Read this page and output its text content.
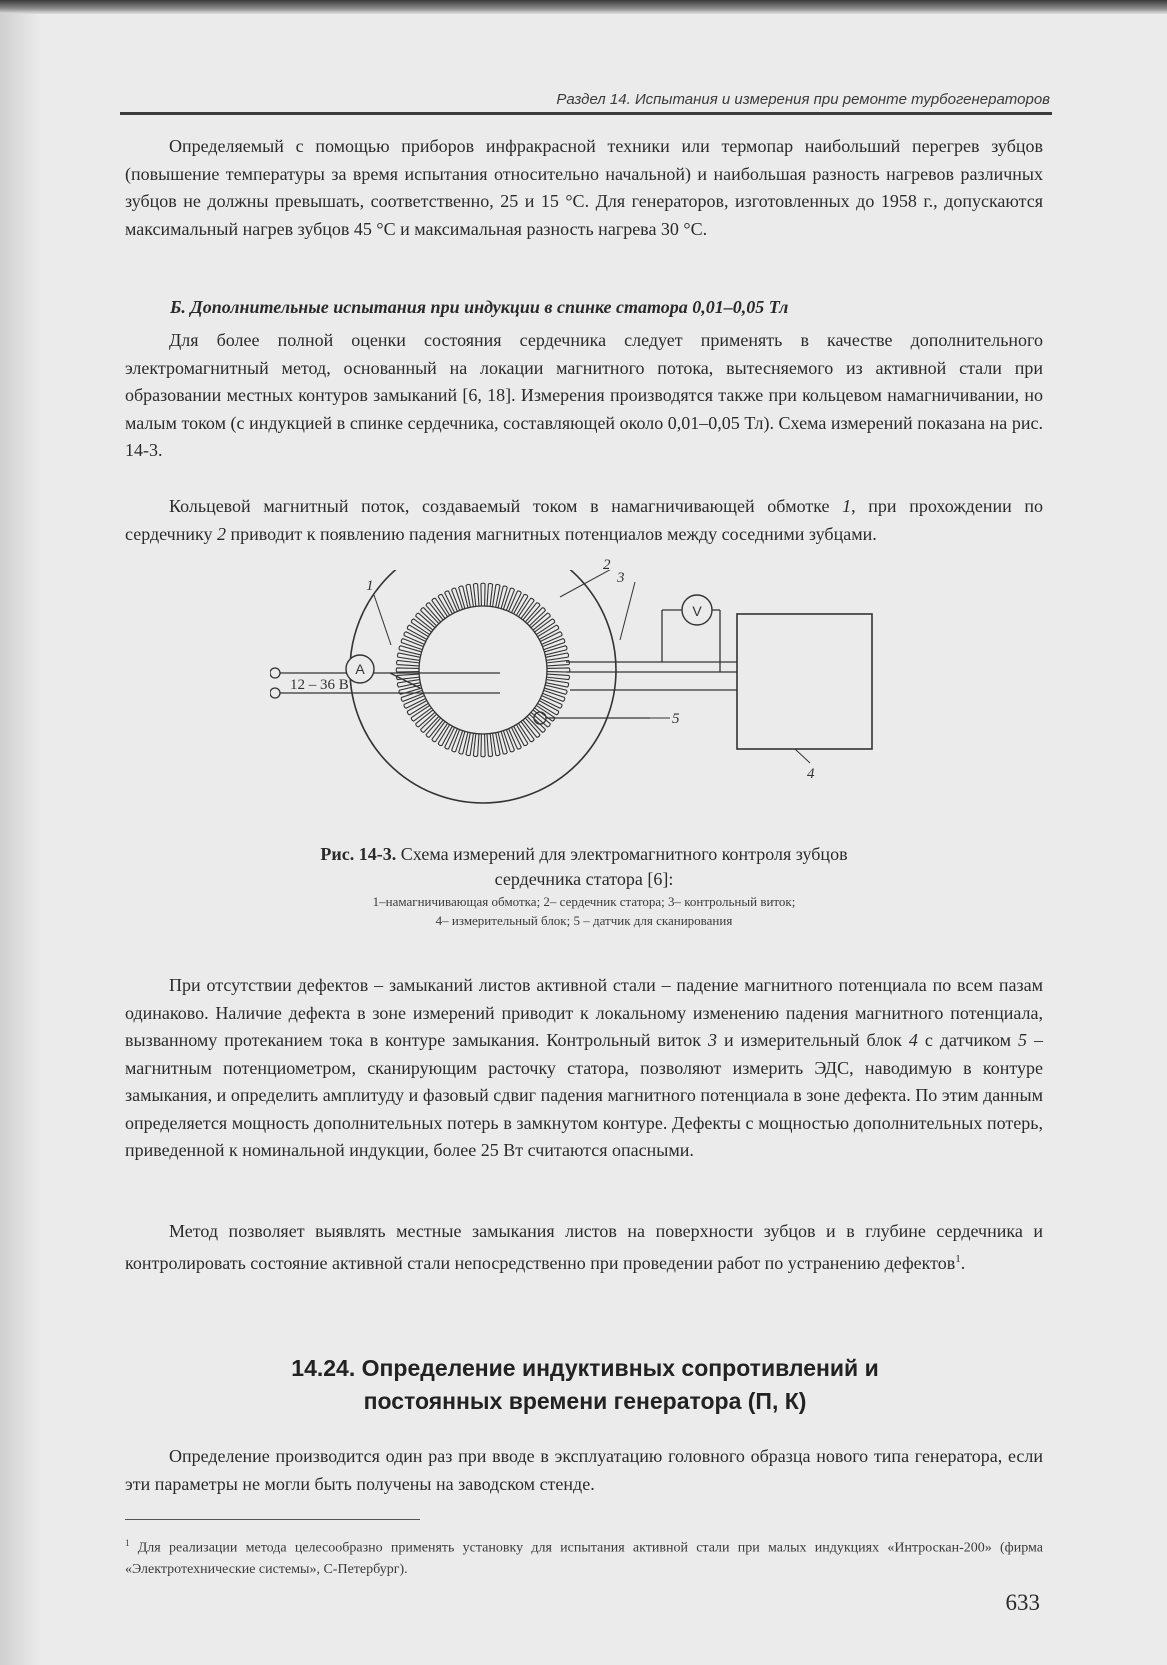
Раздел 14. Испытания и измерения при ремонте турбогенераторов

Определяемый с помощью приборов инфракрасной техники или термопар наибольший перегрев зубцов (повышение температуры за время испытания относительно начальной) и наибольшая разность нагревов различных зубцов не должны превышать, соответственно, 25 и 15 °С. Для генераторов, изготовленных до 1958 г., допускаются максимальный нагрев зубцов 45 °С и максимальная разность нагрева 30 °С.

Б. Дополнительные испытания при индукции в спинке статора 0,01–0,05 Тл

Для более полной оценки состояния сердечника следует применять в качестве дополнительного электромагнитный метод, основанный на локации магнитного потока, вытесняемого из активной стали при образовании местных контуров замыканий [6, 18]. Измерения производятся также при кольцевом намагничивании, но малым током (с индукцией в спинке сердечника, составляющей около 0,01–0,05 Тл). Схема измерений показана на рис. 14-3.

Кольцевой магнитный поток, создаваемый током в намагничивающей обмотке 1, при прохождении по сердечнику 2 приводит к появлению падения магнитных потенциалов между соседними зубцами.

A
12 – 36 В
V
1	3
5
4
2
Рис. 14-3. Схема измерений для электромагнитного контроля зубцов сердечника статора [6]:
1–намагничивающая обмотка; 2– сердечник статора; 3– контрольный виток;
4– измерительный блок; 5 – датчик для сканирования

При отсутствии дефектов – замыканий листов активной стали – падение магнитного потенциала по всем пазам одинаково. Наличие дефекта в зоне измерений приводит к локальному изменению падения магнитного потенциала, вызванному протеканием тока в контуре замыкания. Контрольный виток 3 и измерительный блок 4 с датчиком 5 – магнитным потенциометром, сканирующим расточку статора, позволяют измерить ЭДС, наводимую в контуре замыкания, и определить амплитуду и фазовый сдвиг падения магнитного потенциала в зоне дефекта. По этим данным определяется мощность дополнительных потерь в замкнутом контуре. Дефекты с мощностью дополнительных потерь, приведенной к номинальной индукции, более 25 Вт считаются опасными.

Метод позволяет выявлять местные замыкания листов на поверхности зубцов и в глубине сердечника и контролировать состояние активной стали непосредственно при проведении работ по устранению дефектов$^1$.

14.24. Определение индуктивных сопротивлений и
постоянных времени генератора (П, К)

Определение производится один раз при вводе в эксплуатацию головного образца нового типа генератора, если эти параметры не могли быть получены на заводском стенде.

$^1$ Для реализации метода целесообразно применять установку для испытания активной стали при малых индукциях «Интроскан-200» (фирма «Электротехнические системы», С-Петербург).
633
